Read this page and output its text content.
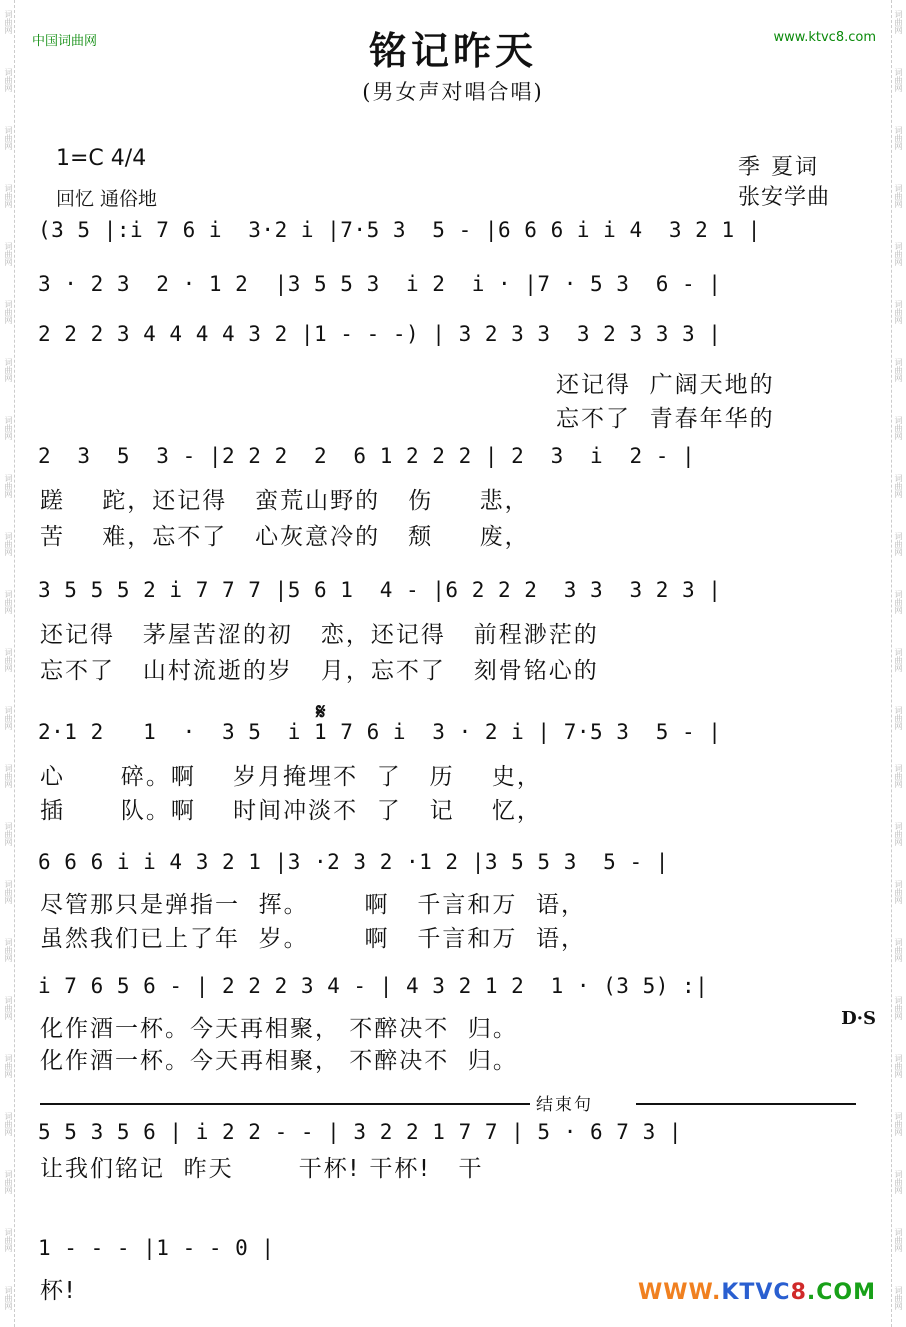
词曲网
词曲网
词曲网
词曲网
词曲网
词曲网
词曲网
词曲网
词曲网
词曲网
词曲网
词曲网
词曲网
词曲网
词曲网
词曲网
词曲网
词曲网
词曲网
词曲网
词曲网
词曲网
词曲网
词曲网
词曲网
词曲网
词曲网
词曲网
词曲网
词曲网
词曲网
词曲网
词曲网
词曲网
词曲网
词曲网
词曲网
词曲网
词曲网
词曲网
词曲网
词曲网
词曲网
词曲网
词曲网
词曲网
中国词曲网	www.ktvc8.com
铭记昨天
(男女声对唱合唱)
1=C 4/4
回忆 通俗地
季 夏词
张安学曲
(3 5 |:i 7 6 i  3·2 i |7·5 3  5 - |6 6 6 i i 4  3 2 1 |
3 · 2 3  2 · 1 2  |3 5 5 3  i 2  i · |7 · 5 3  6 - |
2 2 2 3 4 4 4 4 3 2 |1 - - -) | 3 2 3 3  3 2 3 3 3 |
还记得  广阔天地的
忘不了  青春年华的
2  3  5  3 - |2 2 2  2  6 1 2 2 2 | 2  3  i  2 - |
蹉    跎，还记得   蛮荒山野的   伤     悲，
苦    难，忘不了   心灰意冷的   颓     废，
3 5 5 5 2 i 7 7 7 |5 6 1  4 - |6 2 2 2  3 3  3 2 3 |
还记得   茅屋苦涩的初   恋，还记得   前程渺茫的
忘不了   山村流逝的岁   月，忘不了   刻骨铭心的
𝄋
2·1 2   1  ·  3 5  i 1 7 6 i  3 · 2 i | 7·5 3  5 - |
心      碎。啊    岁月掩埋不  了   历    史，
插      队。啊    时间冲淡不  了   记    忆，
6 6 6 i i 4 3 2 1 |3 ·2 3 2 ·1 2 |3 5 5 3  5 - |
尽管那只是弹指一  挥。      啊   千言和万  语，
虽然我们已上了年  岁。      啊   千言和万  语，
i 7 6 5 6 - | 2 2 2 3 4 - | 4 3 2 1 2  1 · (3 5) :|
D·S
化作酒一杯。今天再相聚， 不醉决不  归。
化作酒一杯。今天再相聚， 不醉决不  归。
结束句
5 5 3 5 6 | i 2 2 - - | 3 2 2 1 7 7 | 5 · 6 7 3 |
让我们铭记  昨天       干杯! 干杯!   干
1 - - - |1 - - 0 |
杯!	WWW.KTVC8.COM
